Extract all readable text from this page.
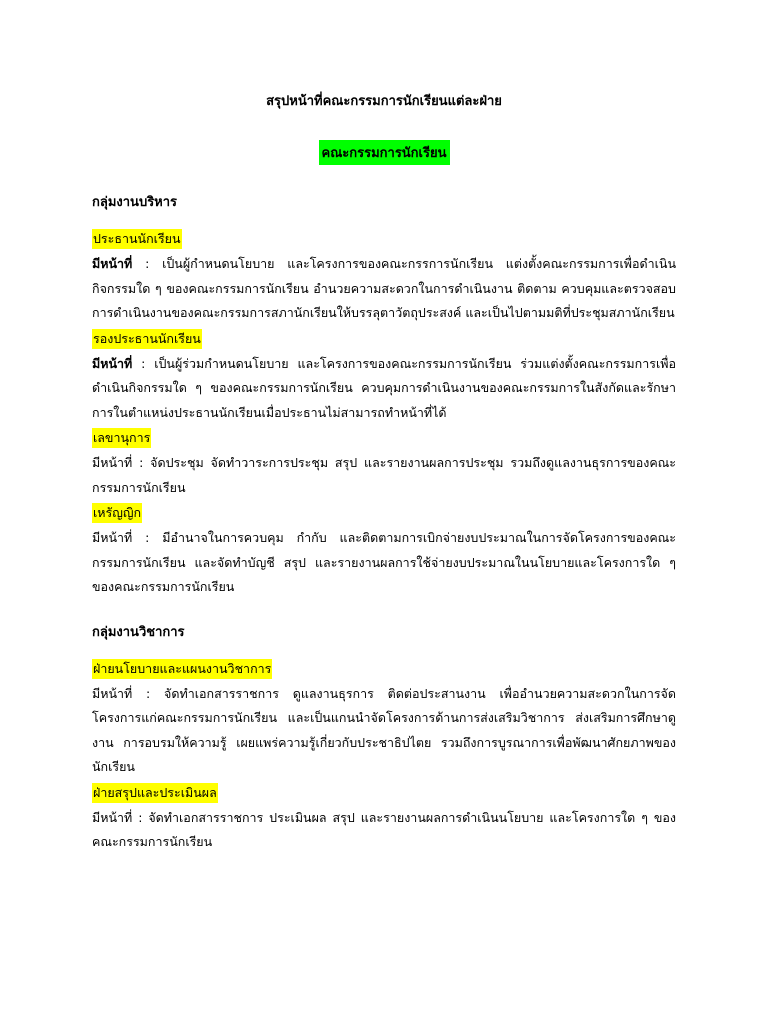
สรุปหน้าที่คณะกรรมการนักเรียนแต่ละฝ่าย
คณะกรรมการนักเรียน
กลุ่มงานบริหาร
ประธานนักเรียน
มีหน้าที่ : เป็นผู้กำหนดนโยบาย และโครงการของคณะกรรการนักเรียน แต่งตั้งคณะกรรมการเพื่อดำเนินกิจกรรมใด ๆ ของคณะกรรมการนักเรียน อำนวยความสะดวกในการดำเนินงาน ติดตาม ควบคุมและตรวจสอบ การดำเนินงานของคณะกรรมการสภานักเรียนให้บรรลุตาวัตถุประสงค์ และเป็นไปตามมติที่ประชุมสภานักเรียน
รองประธานนักเรียน
มีหน้าที่ : เป็นผู้ร่วมกำหนดนโยบาย และโครงการของคณะกรรมการนักเรียน ร่วมแต่งตั้งคณะกรรมการเพื่อดำเนินกิจกรรมใด ๆ ของคณะกรรมการนักเรียน ควบคุมการดำเนินงานของคณะกรรมการในสังกัดและรักษาการในตำแหน่งประธานนักเรียนเมื่อประธานไม่สามารถทำหน้าที่ได้
เลขานุการ
มีหน้าที่ : จัดประชุม จัดทำวาระการประชุม สรุป และรายงานผลการประชุม รวมถึงดูแลงานธุรการของคณะกรรมการนักเรียน
เหรัญญิก
มีหน้าที่ : มีอำนาจในการควบคุม กำกับ และติดตามการเบิกจ่ายงบประมาณในการจัดโครงการของคณะกรรมการนักเรียน และจัดทำบัญชี สรุป และรายงานผลการใช้จ่ายงบประมาณในนโยบายและโครงการใด ๆ ของคณะกรรมการนักเรียน
กลุ่มงานวิชาการ
ฝ่ายนโยบายและแผนงานวิชาการ
มีหน้าที่ : จัดทำเอกสารราชการ ดูแลงานธุรการ ติดต่อประสานงาน เพื่ออำนวยความสะดวกในการจัดโครงการแก่คณะกรรมการนักเรียน และเป็นแกนนำจัดโครงการด้านการส่งเสริมวิชาการ ส่งเสริมการศึกษาดูงาน การอบรมให้ความรู้ เผยแพร่ความรู้เกี่ยวกับประชาธิปไตย รวมถึงการบูรณาการเพื่อพัฒนาศักยภาพของนักเรียน
ฝ่ายสรุปและประเมินผล
มีหน้าที่ : จัดทำเอกสารราชการ ประเมินผล สรุป และรายงานผลการดำเนินนโยบาย และโครงการใด ๆ ของคณะกรรมการนักเรียน
